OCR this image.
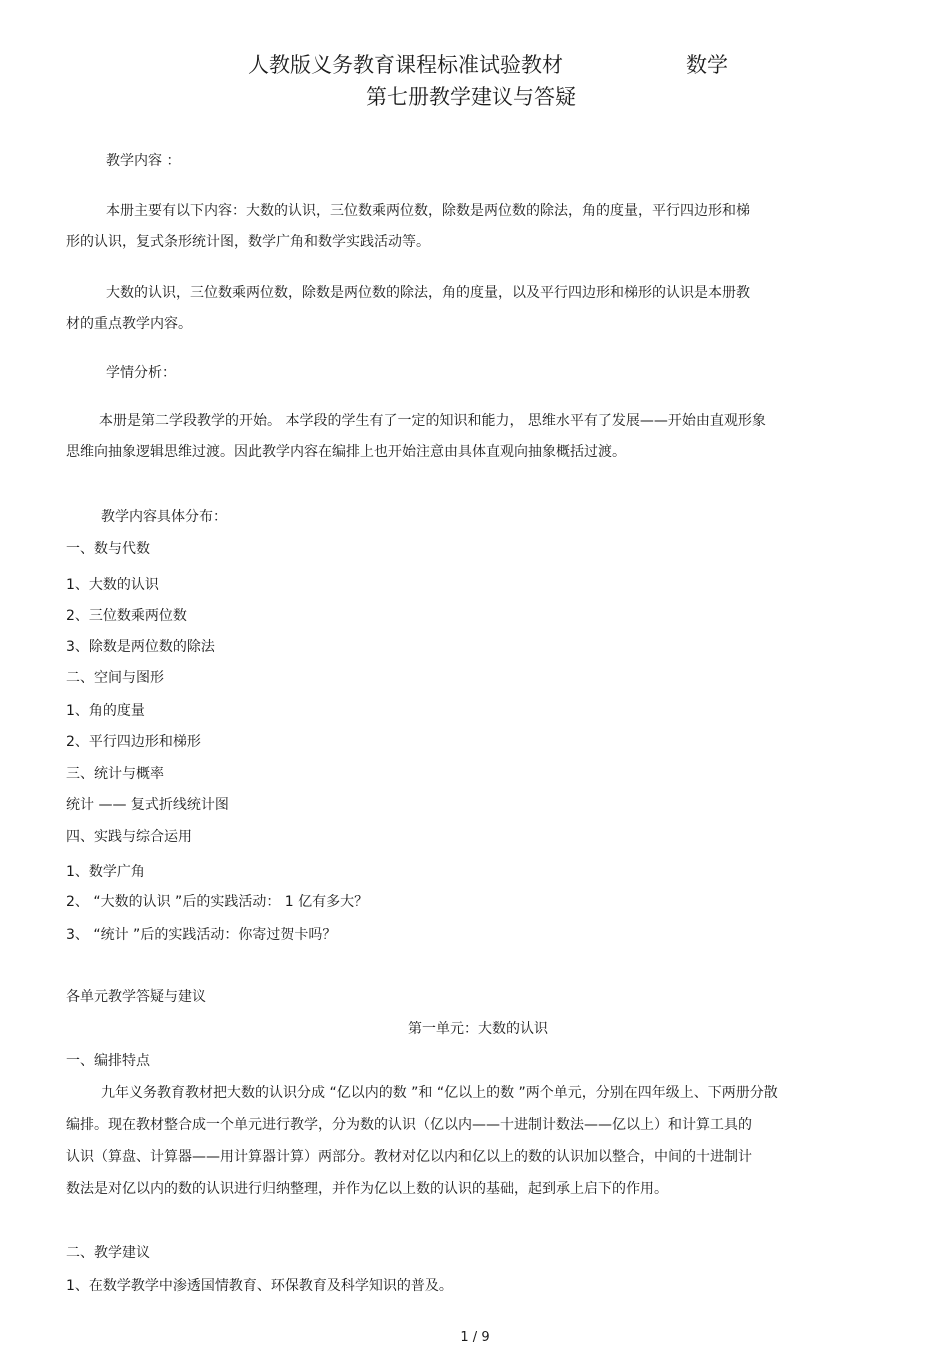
人教版义务教育课程标准试验教材	数学
第七册教学建议与答疑

教学内容 ：

本册主要有以下内容：大数的认识，三位数乘两位数，除数是两位数的除法，角的度量，平行四边形和梯

形的认识，复式条形统计图，数学广角和数学实践活动等。

大数的认识，三位数乘两位数，除数是两位数的除法，角的度量，以及平行四边形和梯形的认识是本册教

材的重点教学内容。

学情分析：

本册是第二学段教学的开始。 本学段的学生有了一定的知识和能力， 思维水平有了发展——开始由直观形象

思维向抽象逻辑思维过渡。因此教学内容在编排上也开始注意由具体直观向抽象概括过渡。

教学内容具体分布：

一、数与代数

1、大数的认识

2、三位数乘两位数

3、除数是两位数的除法

二、空间与图形

1、角的度量

2、平行四边形和梯形

三、统计与概率

统计 —— 复式折线统计图

四、实践与综合运用

1、数学广角

2、 “大数的认识 ”后的实践活动： 1 亿有多大？

3、 “统计 ”后的实践活动：你寄过贺卡吗？

各单元教学答疑与建议

第一单元：大数的认识

一、编排特点

九年义务教育教材把大数的认识分成 “亿以内的数 ”和 “亿以上的数 ”两个单元，分别在四年级上、下两册分散

编排。现在教材整合成一个单元进行教学，分为数的认识（亿以内——十进制计数法——亿以上）和计算工具的

认识（算盘、计算器——用计算器计算）两部分。教材对亿以内和亿以上的数的认识加以整合，中间的十进制计

数法是对亿以内的数的认识进行归纳整理，并作为亿以上数的认识的基础，起到承上启下的作用。

二、教学建议

1、在数学教学中渗透国情教育、环保教育及科学知识的普及。

1 / 9
